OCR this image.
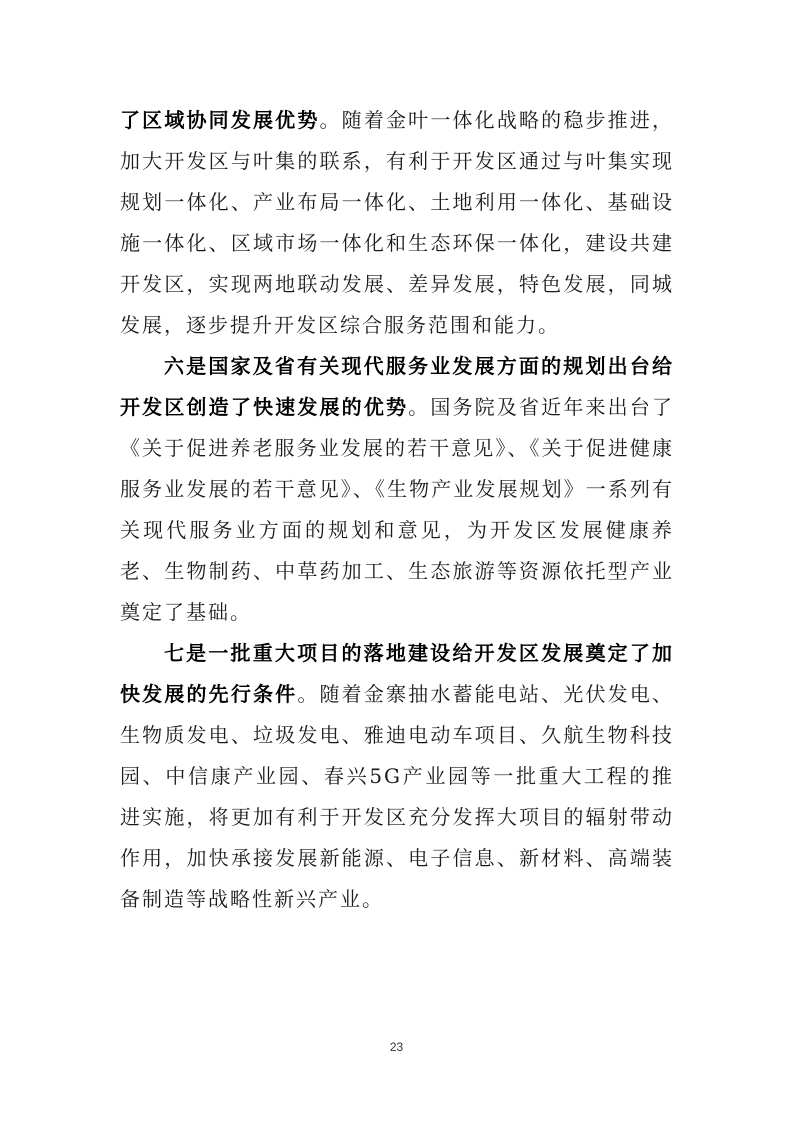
了区域协同发展优势。随着金叶一体化战略的稳步推进，加大开发区与叶集的联系，有利于开发区通过与叶集实现规划一体化、产业布局一体化、土地利用一体化、基础设施一体化、区域市场一体化和生态环保一体化，建设共建开发区，实现两地联动发展、差异发展，特色发展，同城发展，逐步提升开发区综合服务范围和能力。

六是国家及省有关现代服务业发展方面的规划出台给开发区创造了快速发展的优势。国务院及省近年来出台了《关于促进养老服务业发展的若干意见》、《关于促进健康服务业发展的若干意见》、《生物产业发展规划》一系列有关现代服务业方面的规划和意见，为开发区发展健康养老、生物制药、中草药加工、生态旅游等资源依托型产业奠定了基础。

七是一批重大项目的落地建设给开发区发展奠定了加快发展的先行条件。随着金寨抽水蓄能电站、光伏发电、生物质发电、垃圾发电、雅迪电动车项目、久航生物科技园、中信康产业园、春兴5G产业园等一批重大工程的推进实施，将更加有利于开发区充分发挥大项目的辐射带动作用，加快承接发展新能源、电子信息、新材料、高端装备制造等战略性新兴产业。

23
